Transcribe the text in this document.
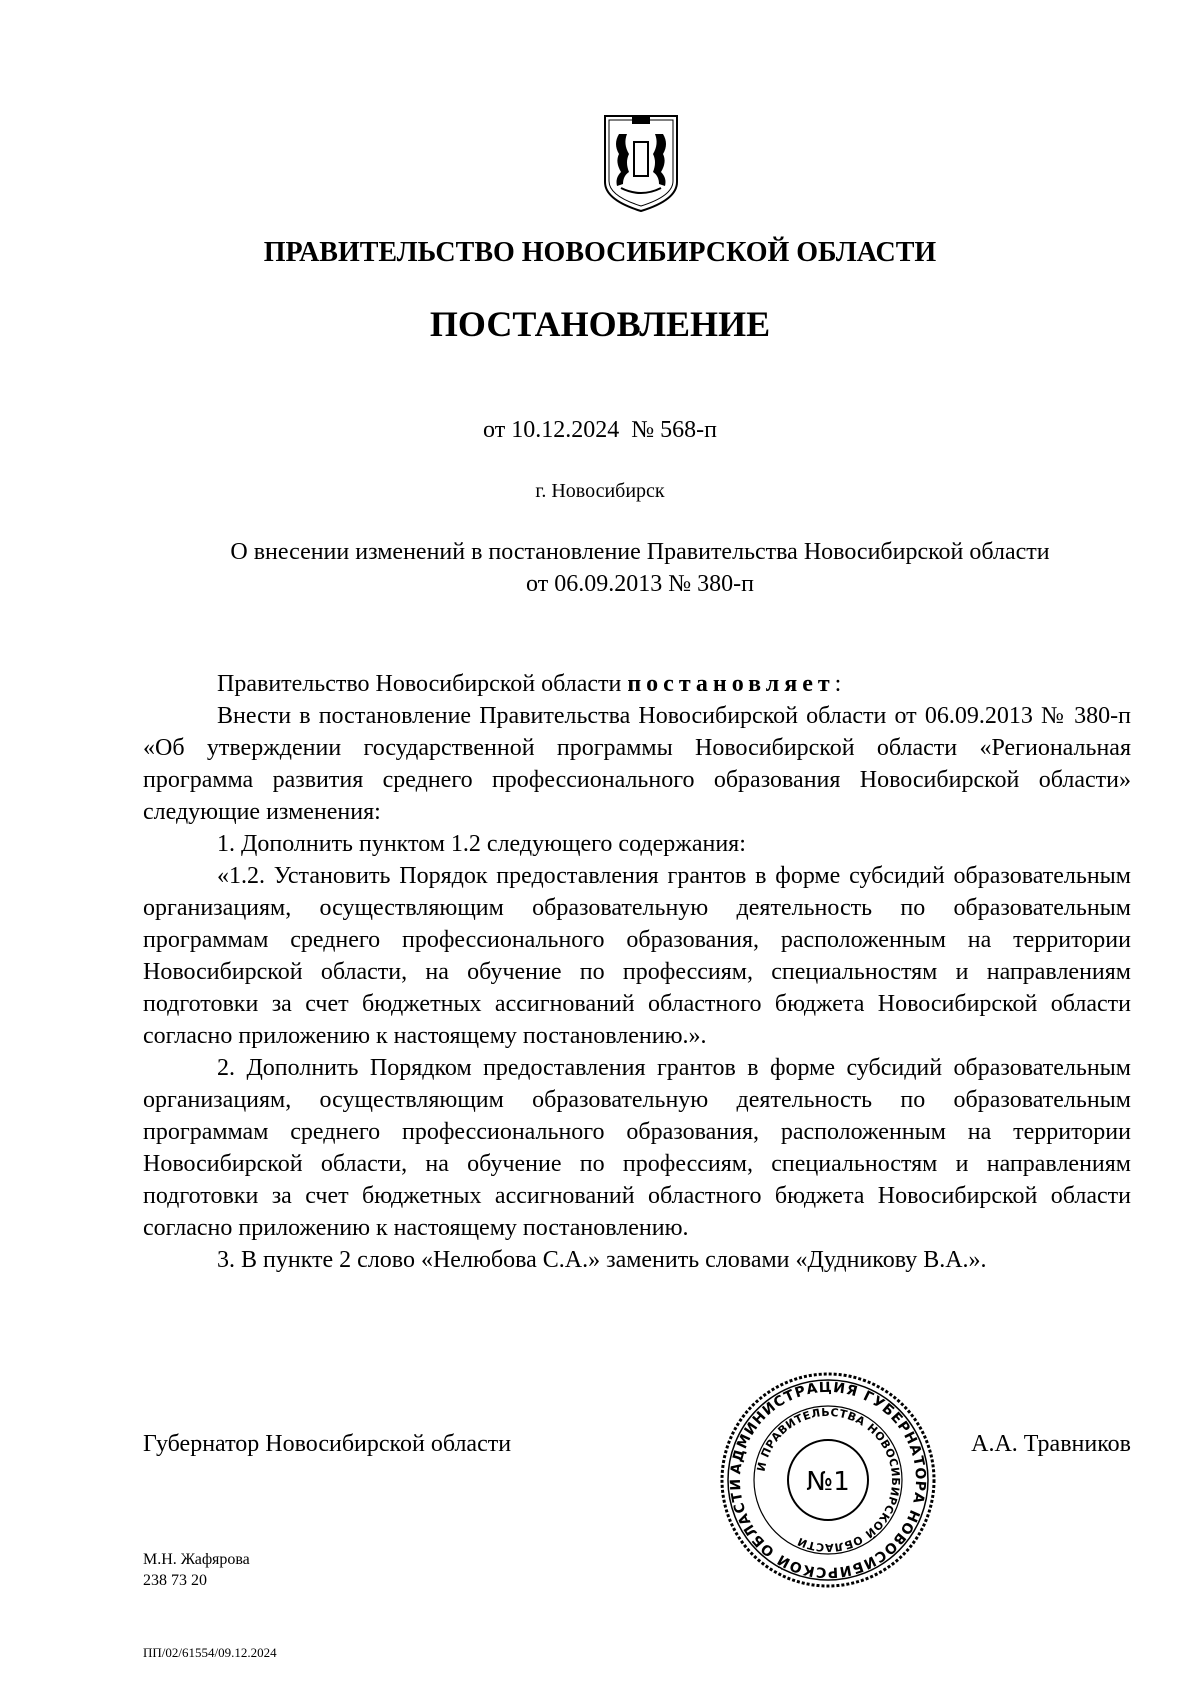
ПРАВИТЕЛЬСТВО НОВОСИБИРСКОЙ ОБЛАСТИ
ПОСТАНОВЛЕНИЕ
от 10.12.2024  № 568-п
г. Новосибирск
О внесении изменений в постановление Правительства Новосибирской области
от 06.09.2013 № 380-п

Правительство Новосибирской области постановляет:

Внести в постановление Правительства Новосибирской области от 06.09.2013 № 380-п «Об утверждении государственной программы Новосибирской области «Региональная программа развития среднего профессионального образования Новосибирской области» следующие изменения:

1. Дополнить пунктом 1.2 следующего содержания:

«1.2. Установить Порядок предоставления грантов в форме субсидий образовательным организациям, осуществляющим образовательную деятельность по образовательным программам среднего профессионального образования, расположенным на территории Новосибирской области, на обучение по профессиям, специальностям и направлениям подготовки за счет бюджетных ассигнований областного бюджета Новосибирской области согласно приложению к настоящему постановлению.».

2. Дополнить Порядком предоставления грантов в форме субсидий образовательным организациям, осуществляющим образовательную деятельность по образовательным программам среднего профессионального образования, расположенным на территории Новосибирской области, на обучение по профессиям, специальностям и направлениям подготовки за счет бюджетных ассигнований областного бюджета Новосибирской области согласно приложению к настоящему постановлению.

3. В пункте 2 слово «Нелюбова С.А.» заменить словами «Дудникову В.А.».

Губернатор Новосибирской области
АДМИНИСТРАЦИЯ ГУБЕРНАТОРА НОВОСИБИРСКОЙ ОБЛАСТИ
И ПРАВИТЕЛЬСТВА НОВОСИБИРСКОЙ ОБЛАСТИ
№1
А.А. Травников
М.Н. Жафярова
238 73 20
ПП/02/61554/09.12.2024
